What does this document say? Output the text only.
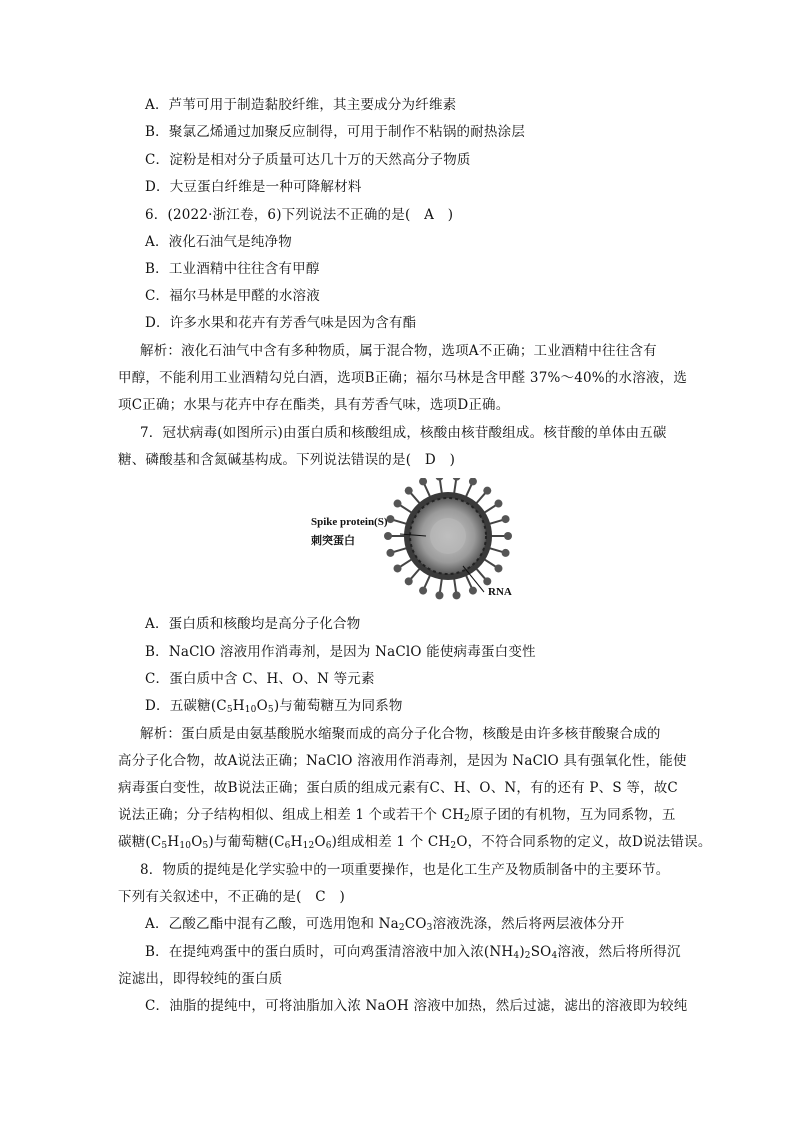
A．芦苇可用于制造黏胶纤维，其主要成分为纤维素
B．聚氯乙烯通过加聚反应制得，可用于制作不粘锅的耐热涂层
C．淀粉是相对分子质量可达几十万的天然高分子物质
D．大豆蛋白纤维是一种可降解材料
6．(2022·浙江卷，6)下列说法不正确的是(　A　)
A．液化石油气是纯净物
B．工业酒精中往往含有甲醇
C．福尔马林是甲醛的水溶液
D．许多水果和花卉有芳香气味是因为含有酯
解析：液化石油气中含有多种物质，属于混合物，选项A不正确；工业酒精中往往含有
甲醇，不能利用工业酒精勾兑白酒，选项B正确；福尔马林是含甲醛 37%～40%的水溶液，选
项C正确；水果与花卉中存在酯类，具有芳香气味，选项D正确。
7．冠状病毒(如图所示)由蛋白质和核酸组成，核酸由核苷酸组成。核苷酸的单体由五碳
糖、磷酸基和含氮碱基构成。下列说法错误的是(　D　)
Spike protein(S)
刺突蛋白
RNA
A．蛋白质和核酸均是高分子化合物
B．NaClO 溶液用作消毒剂，是因为 NaClO 能使病毒蛋白变性
C．蛋白质中含 C、H、O、N 等元素
D．五碳糖$(C_5H_{10}O_5)$与葡萄糖互为同系物
解析：蛋白质是由氨基酸脱水缩聚而成的高分子化合物，核酸是由许多核苷酸聚合成的
高分子化合物，故A说法正确；NaClO 溶液用作消毒剂，是因为 NaClO 具有强氧化性，能使
病毒蛋白变性，故B说法正确；蛋白质的组成元素有C、H、O、N，有的还有 P、S 等，故C
说法正确；分子结构相似、组成上相差 1 个或若干个 $CH_2$原子团的有机物，互为同系物，五
碳糖$(C_5H_{10}O_5)$与葡萄糖$(C_6H_{12}O_6)$组成相差 1 个 $CH_2O$，不符合同系物的定义，故D说法错误。
8．物质的提纯是化学实验中的一项重要操作，也是化工生产及物质制备中的主要环节。
下列有关叙述中，不正确的是(　C　)
A．乙酸乙酯中混有乙酸，可选用饱和 $Na_2CO_3$溶液洗涤，然后将两层液体分开
B．在提纯鸡蛋中的蛋白质时，可向鸡蛋清溶液中加入浓$(NH_4)_2SO_4$溶液，然后将所得沉
淀滤出，即得较纯的蛋白质
C．油脂的提纯中，可将油脂加入浓 NaOH 溶液中加热，然后过滤，滤出的溶液即为较纯
